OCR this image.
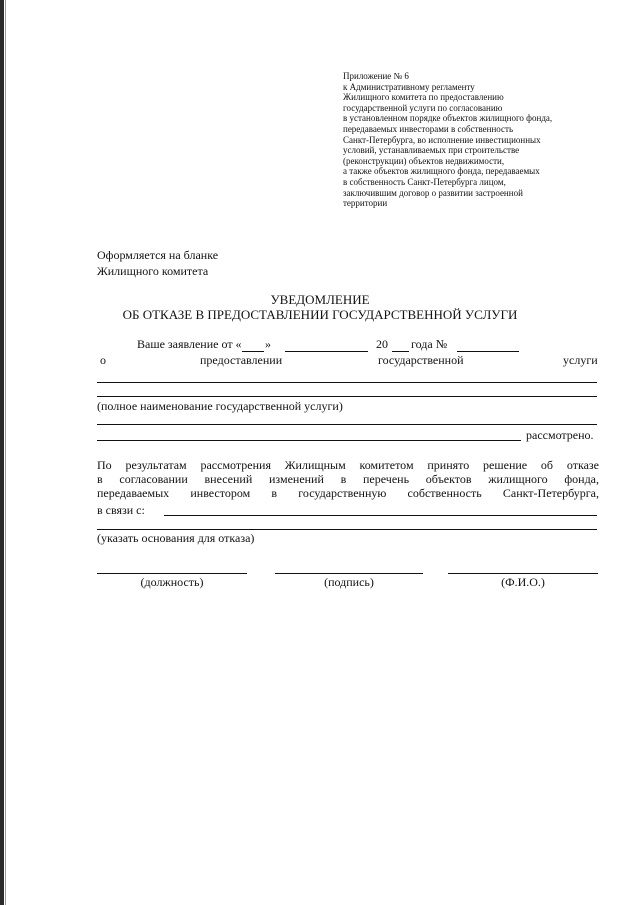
Приложение № 6
к Административному регламенту
Жилищного комитета по предоставлению
государственной услуги по согласованию
в установленном порядке объектов жилищного фонда,
передаваемых инвесторами в собственность
Санкт-Петербурга, во исполнение инвестиционных
условий, устанавливаемых при строительстве
(реконструкции) объектов недвижимости,
а также объектов жилищного фонда, передаваемых
в собственность Санкт-Петербурга лицом,
заключившим договор о развитии застроенной
территории
Оформляется на бланке
Жилищного комитета
УВЕДОМЛЕНИЕ
ОБ ОТКАЗЕ В ПРЕДОСТАВЛЕНИИ ГОСУДАРСТВЕННОЙ УСЛУГИ
Ваше заявление от « »	20 года №
о	предоставлении	государственной	услуги
(полное наименование государственной услуги)
рассмотрено.
По результатам рассмотрения Жилищным комитетом принято решение об отказе
в согласовании внесений изменений в перечень объектов жилищного фонда,
передаваемых инвестором в государственную собственность Санкт-Петербурга,
в связи с:
(указать основания для отказа)
(должность)	(подпись)	(Ф.И.О.)
